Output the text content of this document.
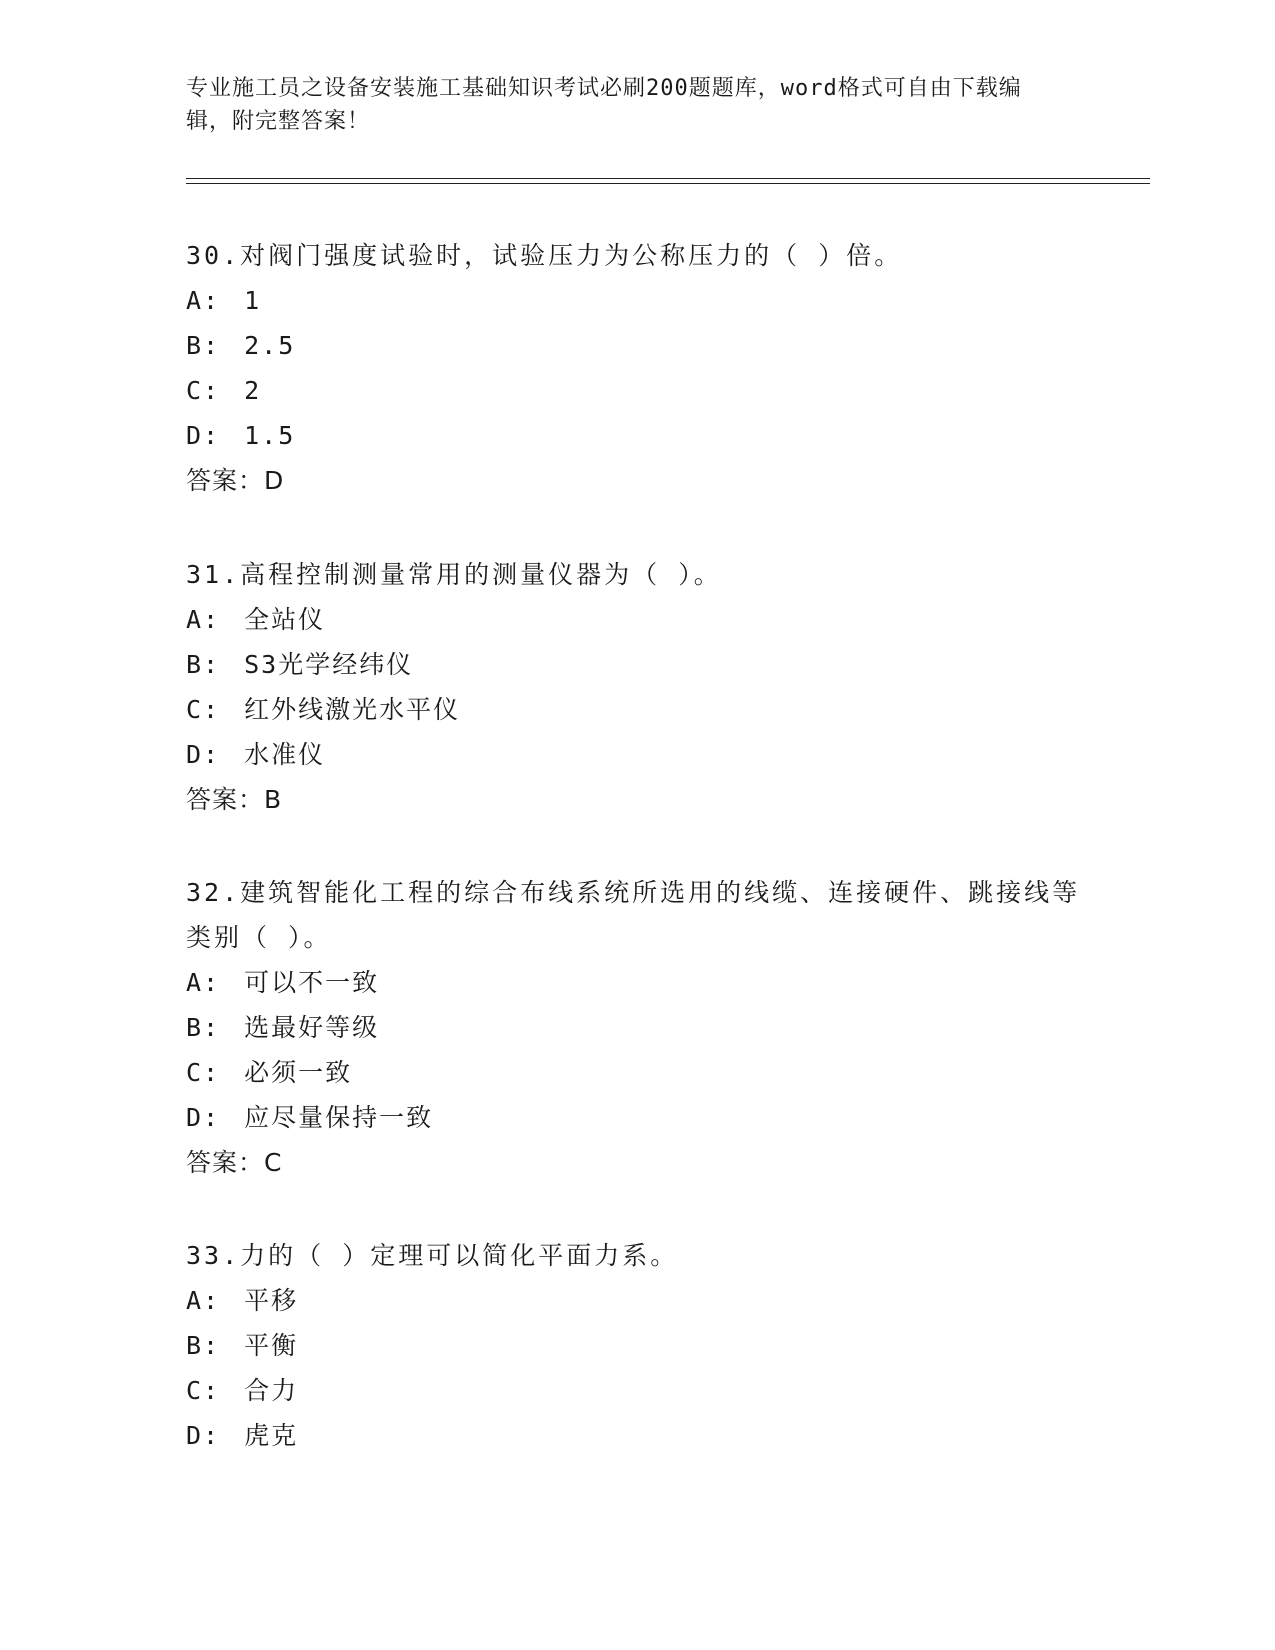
专业施工员之设备安装施工基础知识考试必刷200题题库，word格式可自由下载编辑，附完整答案！

30.对阀门强度试验时，试验压力为公称压力的（ ）倍。

A: 1

B: 2.5

C: 2

D: 1.5

答案：D

31.高程控制测量常用的测量仪器为（ ）。

A: 全站仪

B: S3光学经纬仪

C: 红外线激光水平仪

D: 水准仪

答案：B

32.建筑智能化工程的综合布线系统所选用的线缆、连接硬件、跳接线等类别（ ）。

A: 可以不一致

B: 选最好等级

C: 必须一致

D: 应尽量保持一致

答案：C

33.力的（ ）定理可以简化平面力系。

A: 平移

B: 平衡

C: 合力

D: 虎克
